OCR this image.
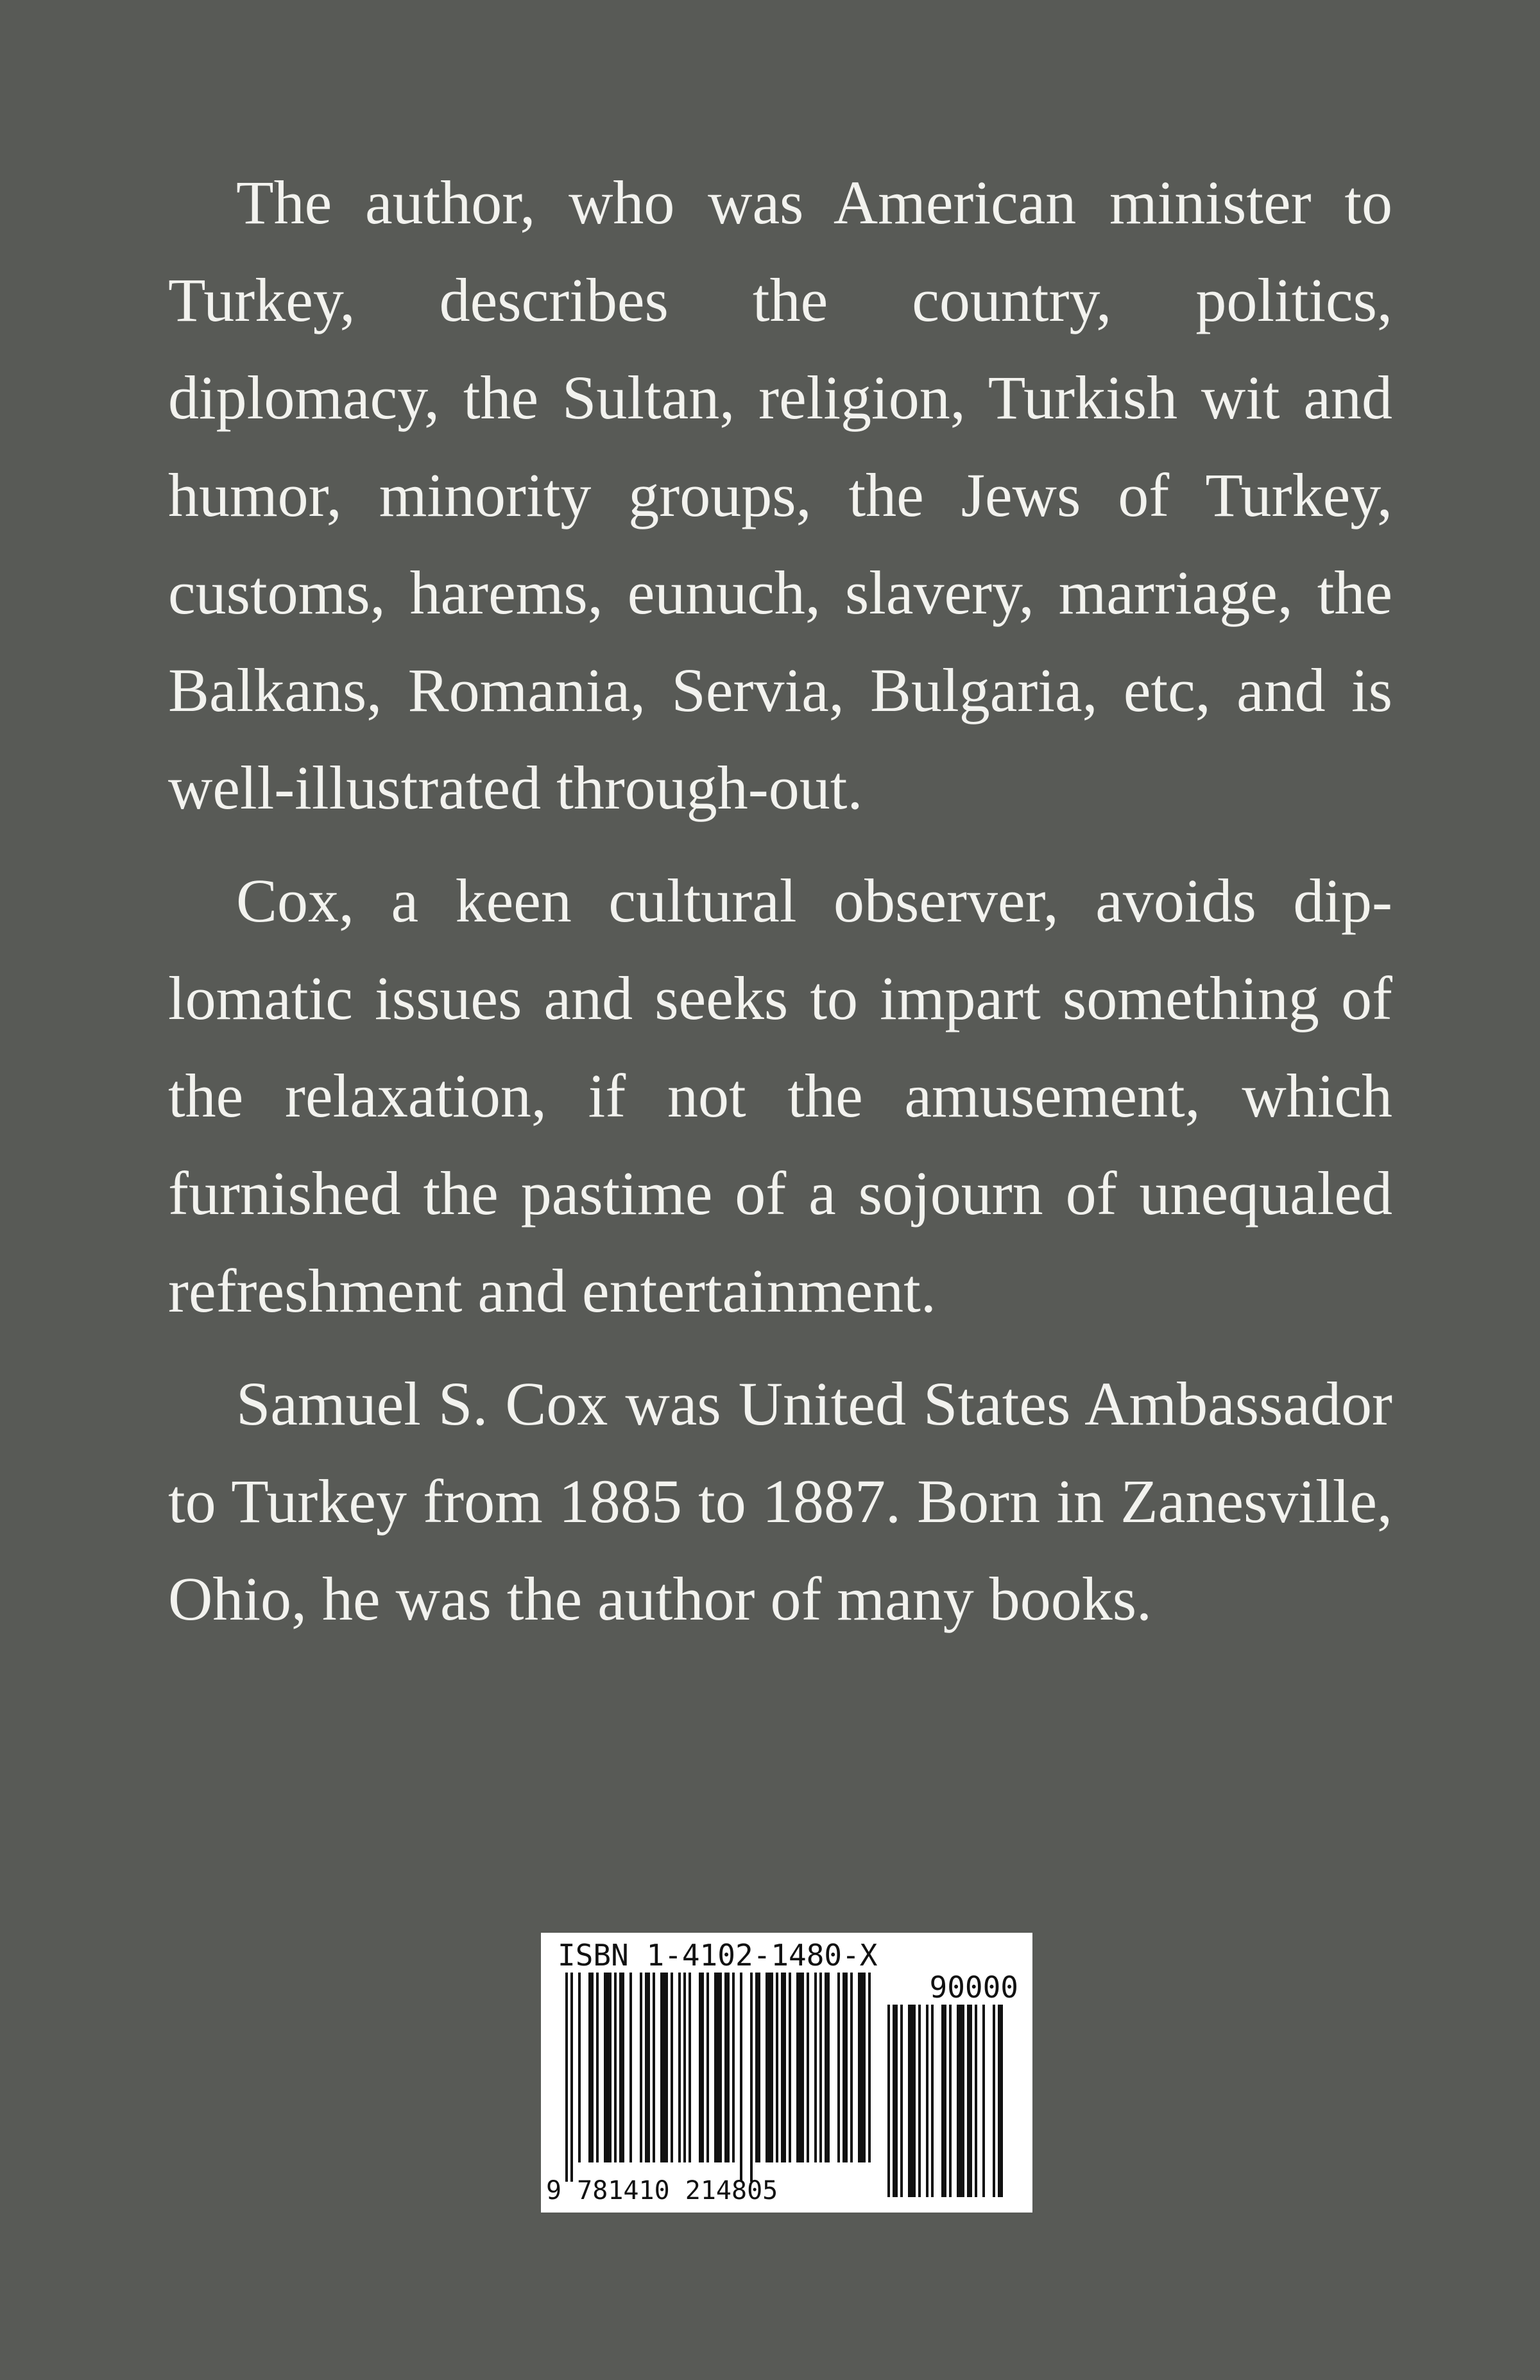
The author, who was American minister to Turkey, describes the country, politics, diplomacy, the Sultan, religion, Turkish wit and humor, minority groups, the Jews of Turkey, customs, harems, eunuch, slavery, marriage, the Balkans, Romania, Servia, Bulgaria, etc, and is well-illustrated through-out.

Cox, a keen cultural observer, avoids dip-lomatic issues and seeks to impart something of the relaxation, if not the amusement, which furnished the pastime of a sojourn of unequaled refreshment and entertainment.

Samuel S. Cox was United States Ambassador to Turkey from 1885 to 1887. Born in Zanesville, Ohio, he was the author of many books.

ISBN 1-4102-1480-X
90000
9 781410 214805
